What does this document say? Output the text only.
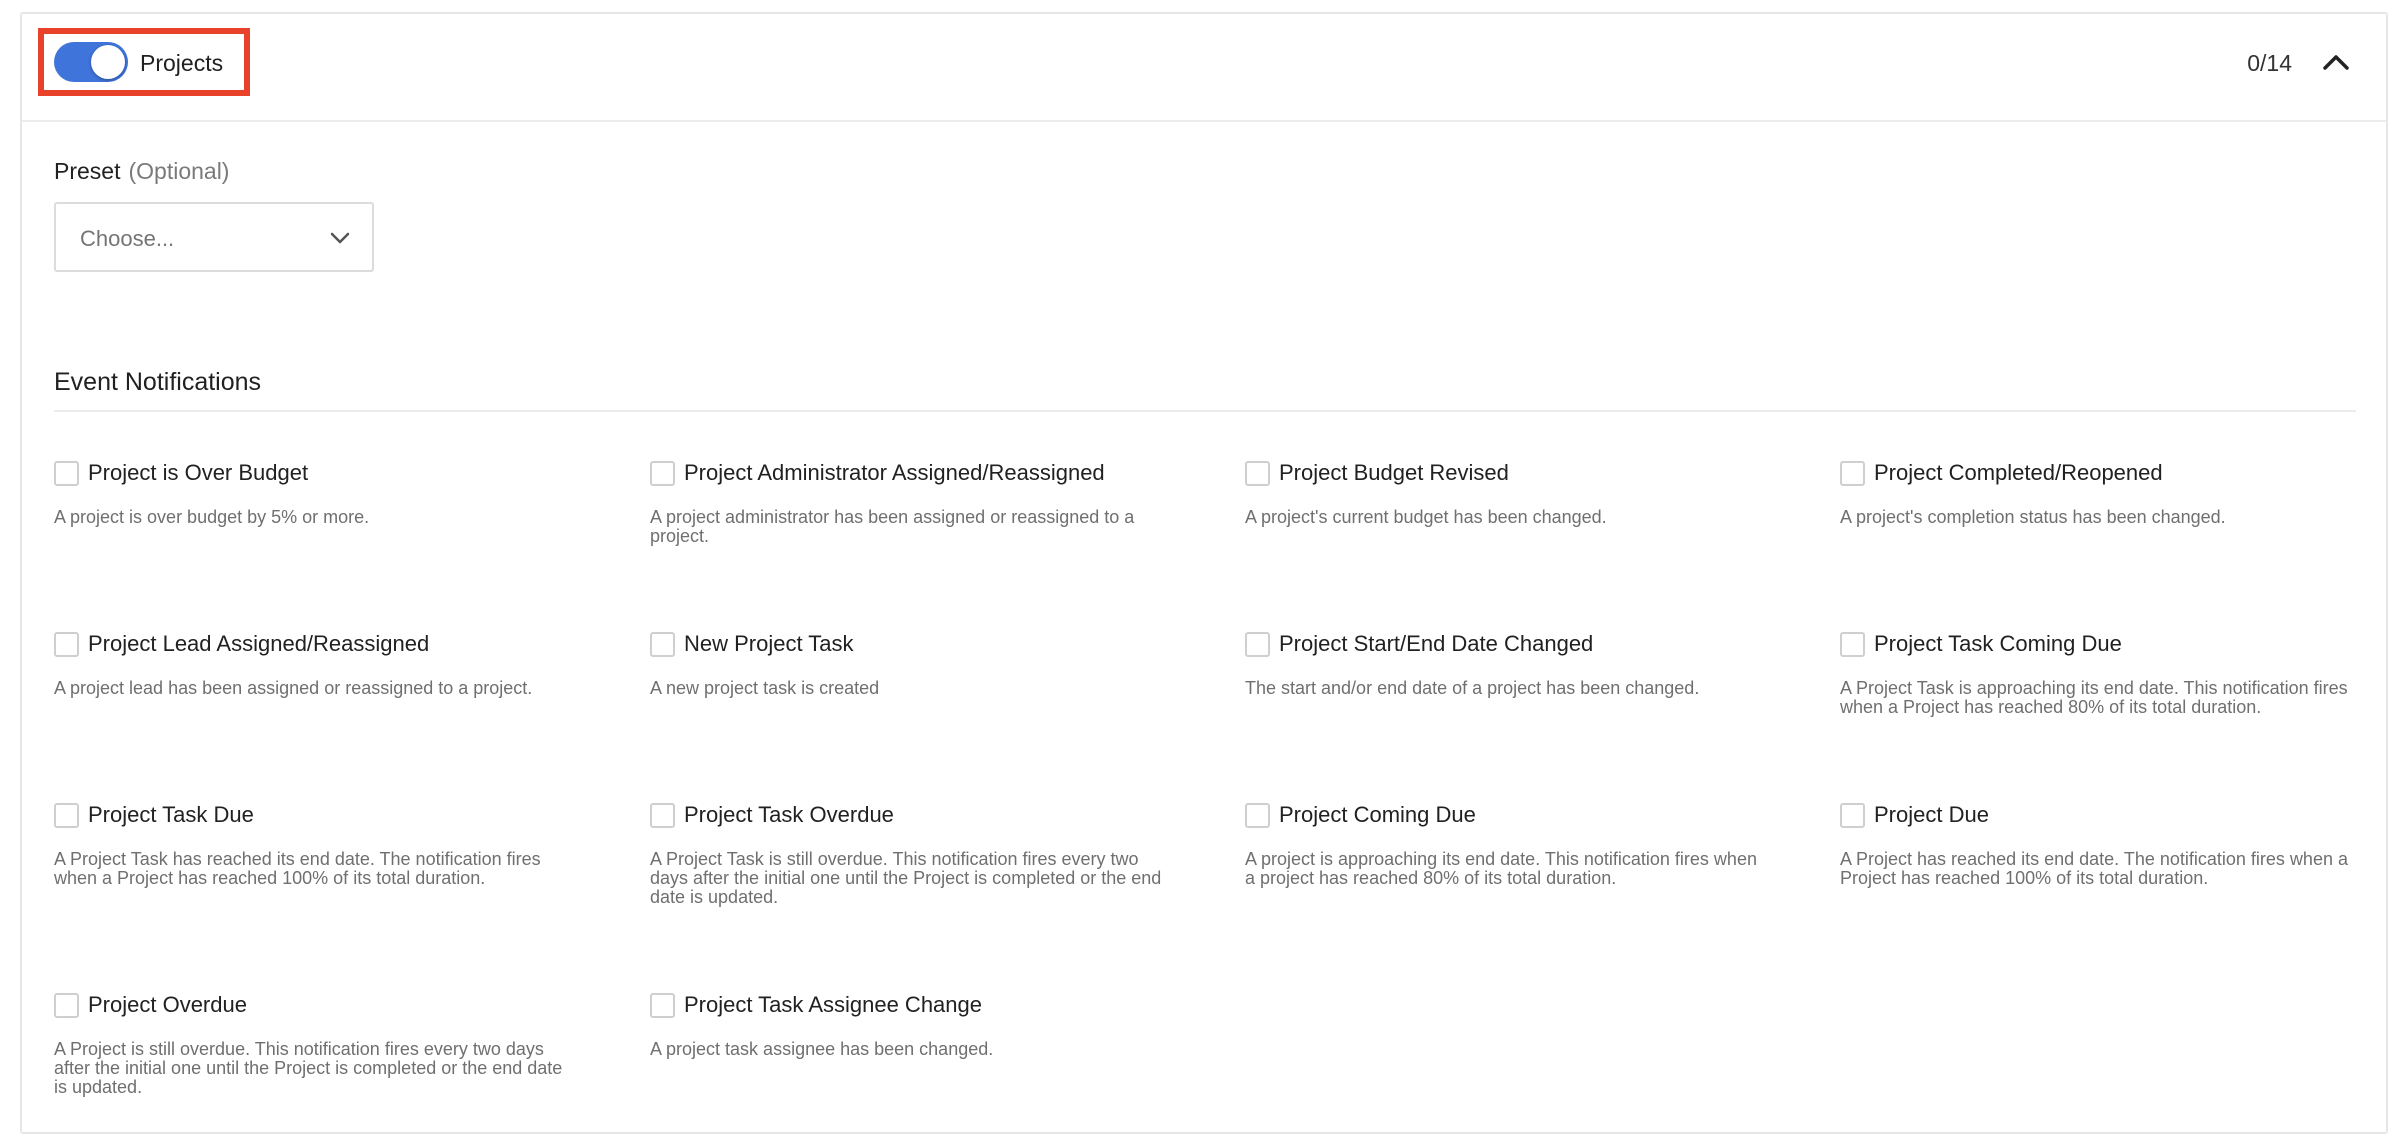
Projects	0/14
Preset (Optional)
Choose...
Event Notifications
Project is Over Budget
A project is over budget by 5% or more.
Project Administrator Assigned/Reassigned
A project administrator has been assigned or reassigned to a project.
Project Budget Revised
A project's current budget has been changed.
Project Completed/Reopened
A project's completion status has been changed.
Project Lead Assigned/Reassigned
A project lead has been assigned or reassigned to a project.
New Project Task
A new project task is created
Project Start/End Date Changed
The start and/or end date of a project has been changed.
Project Task Coming Due
A Project Task is approaching its end date. This notification fires when a Project has reached 80% of its total duration.
Project Task Due
A Project Task has reached its end date. The notification fires when a Project has reached 100% of its total duration.
Project Task Overdue
A Project Task is still overdue. This notification fires every two days after the initial one until the Project is completed or the end date is updated.
Project Coming Due
A project is approaching its end date. This notification fires when a project has reached 80% of its total duration.
Project Due
A Project has reached its end date. The notification fires when a Project has reached 100% of its total duration.
Project Overdue
A Project is still overdue. This notification fires every two days after the initial one until the Project is completed or the end date is updated.
Project Task Assignee Change
A project task assignee has been changed.
